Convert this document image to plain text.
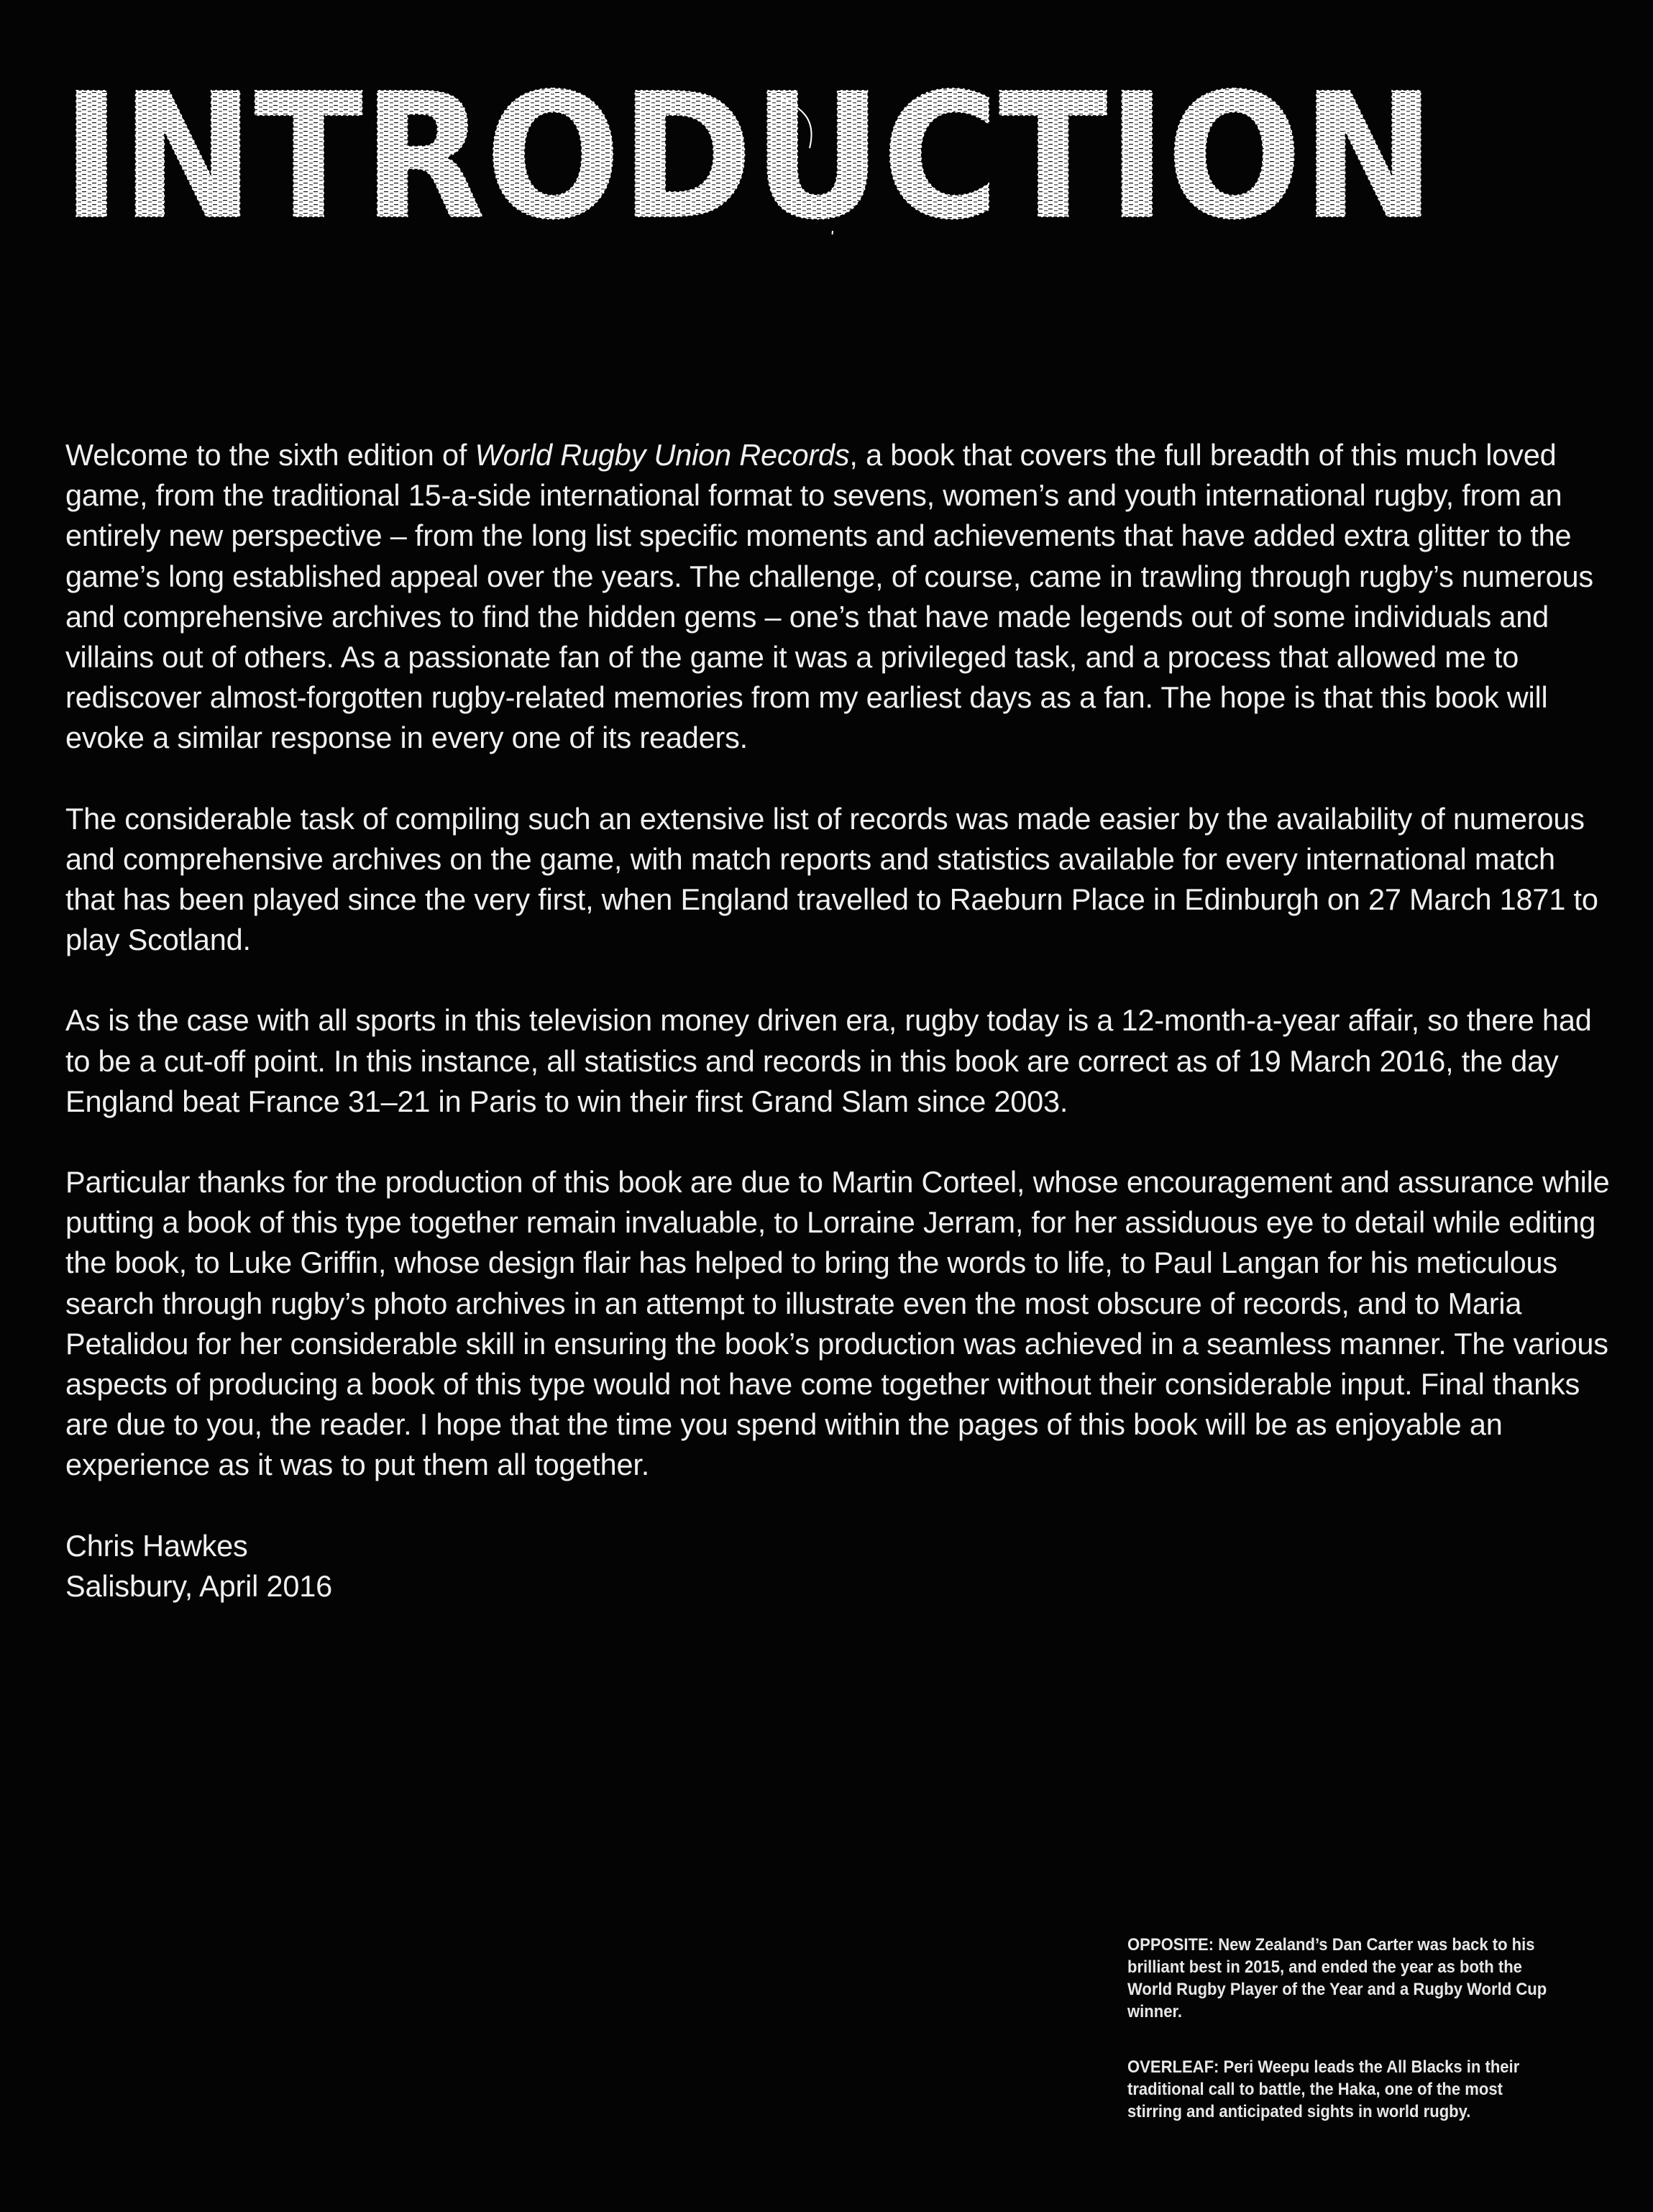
INTRODUCTION

Welcome to the sixth edition of World Rugby Union Records, a book that covers the full breadth of this much loved game, from the traditional 15-a-side international format to sevens, women’s and youth international rugby, from an entirely new perspective – from the long list specific moments and achievements that have added extra glitter to the game’s long established appeal over the years. The challenge, of course, came in trawling through rugby’s numerous and comprehensive archives to find the hidden gems – one’s that have made legends out of some individuals and villains out of others. As a passionate fan of the game it was a privileged task, and a process that allowed me to rediscover almost-forgotten rugby-related memories from my earliest days as a fan. The hope is that this book will evoke a similar response in every one of its readers.

The considerable task of compiling such an extensive list of records was made easier by the availability of numerous and comprehensive archives on the game, with match reports and statistics available for every international match that has been played since the very first, when England travelled to Raeburn Place in Edinburgh on 27 March 1871 to play Scotland.

As is the case with all sports in this television money driven era, rugby today is a 12-month-a-year affair, so there had to be a cut-off point. In this instance, all statistics and records in this book are correct as of 19 March 2016, the day England beat France 31–21 in Paris to win their first Grand Slam since 2003.

Particular thanks for the production of this book are due to Martin Corteel, whose encouragement and assurance while putting a book of this type together remain invaluable, to Lorraine Jerram, for her assiduous eye to detail while editing the book, to Luke Griffin, whose design flair has helped to bring the words to life, to Paul Langan for his meticulous search through rugby’s photo archives in an attempt to illustrate even the most obscure of records, and to Maria Petalidou for her considerable skill in ensuring the book’s production was achieved in a seamless manner. The various aspects of producing a book of this type would not have come together without their considerable input. Final thanks are due to you, the reader. I hope that the time you spend within the pages of this book will be as enjoyable an experience as it was to put them all together.

Chris Hawkes
Salisbury, April 2016

OPPOSITE: New Zealand’s Dan Carter was back to his brilliant best in 2015, and ended the year as both the World Rugby Player of the Year and a Rugby World Cup winner.

OVERLEAF: Peri Weepu leads the All Blacks in their traditional call to battle, the Haka, one of the most stirring and anticipated sights in world rugby.
